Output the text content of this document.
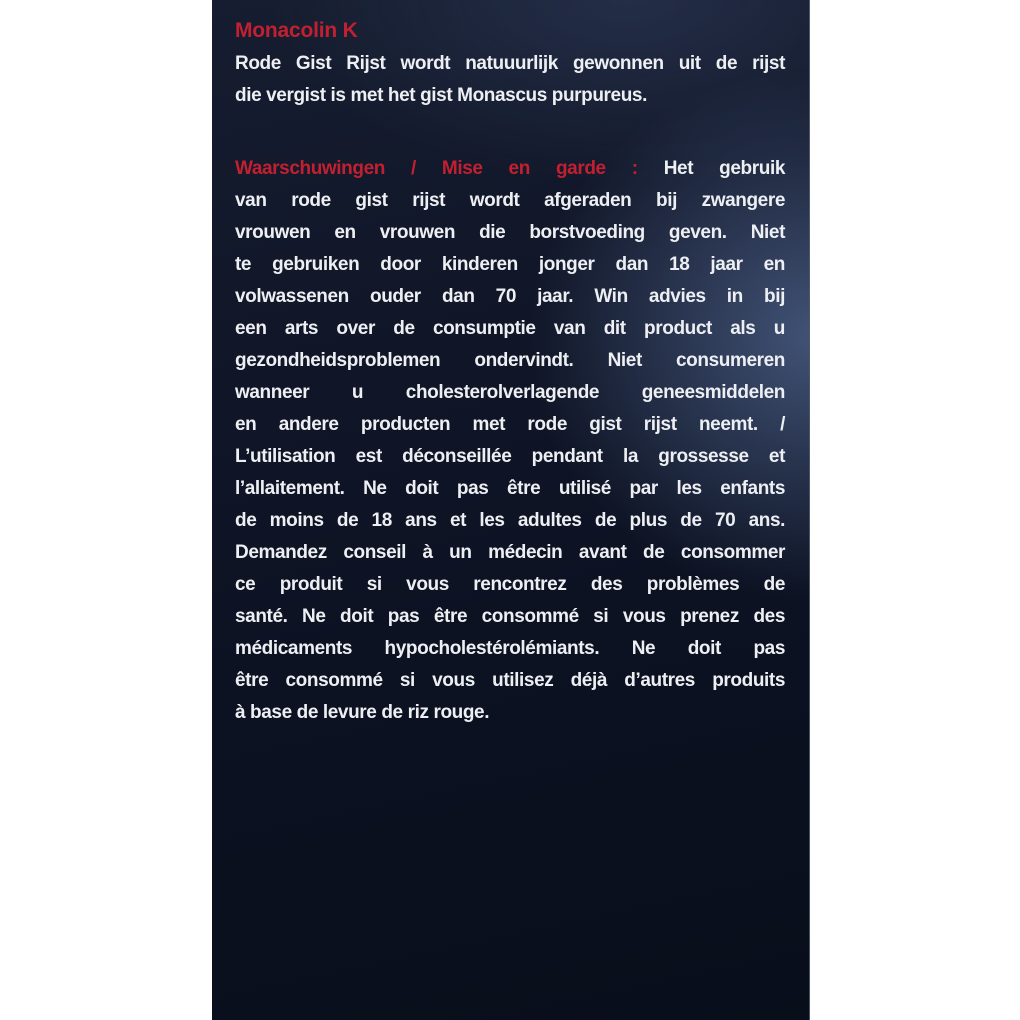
Monacolin K
Rode Gist Rijst wordt natuuurlijk gewonnen uit de rijst
die vergist is met het gist Monascus purpureus.
Waarschuwingen / Mise en garde : Het gebruik
van rode gist rijst wordt afgeraden bij zwangere
vrouwen en vrouwen die borstvoeding geven. Niet
te gebruiken door kinderen jonger dan 18 jaar en
volwassenen ouder dan 70 jaar. Win advies in bij
een arts over de consumptie van dit product als u
gezondheidsproblemen ondervindt. Niet consumeren
wanneer u cholesterolverlagende geneesmiddelen
en andere producten met rode gist rijst neemt. /
L’utilisation est déconseillée pendant la grossesse et
l’allaitement. Ne doit pas être utilisé par les enfants
de moins de 18 ans et les adultes de plus de 70 ans.
Demandez conseil à un médecin avant de consommer
ce produit si vous rencontrez des problèmes de
santé. Ne doit pas être consommé si vous prenez des
médicaments hypocholestérolémiants. Ne doit pas
être consommé si vous utilisez déjà d’autres produits
à base de levure de riz rouge.
